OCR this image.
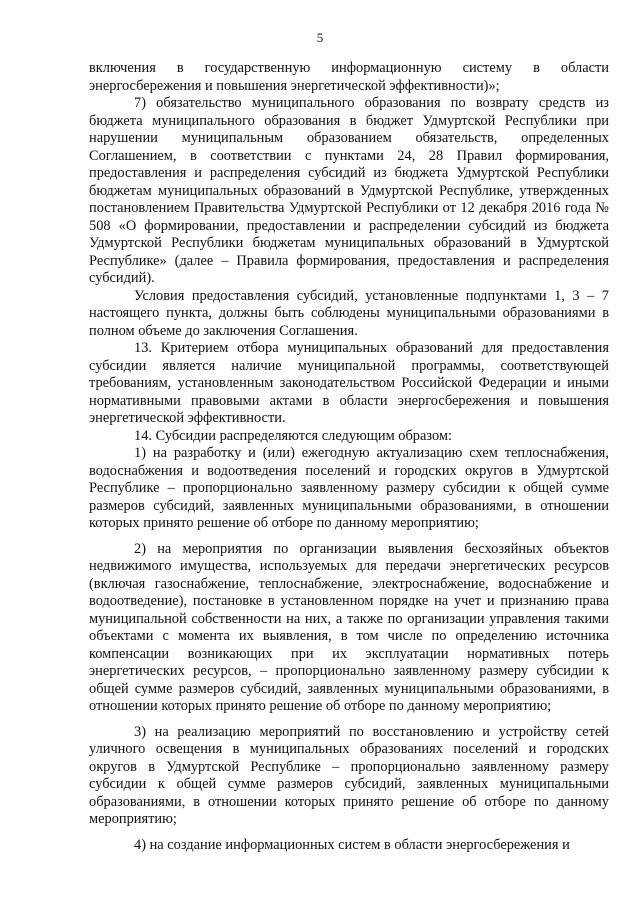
5

включения в государственную информационную систему в области энергосбережения и повышения энергетической эффективности)»;

7) обязательство муниципального образования по возврату средств из бюджета муниципального образования в бюджет Удмуртской Республики при нарушении муниципальным образованием обязательств, определенных Соглашением, в соответствии с пунктами 24, 28 Правил формирования, предоставления и распределения субсидий из бюджета Удмуртской Республики бюджетам муниципальных образований в Удмуртской Республике, утвержденных постановлением Правительства Удмуртской Республики от 12 декабря 2016 года № 508 «О формировании, предоставлении и распределении субсидий из бюджета Удмуртской Республики бюджетам муниципальных образований в Удмуртской Республике» (далее – Правила формирования, предоставления и распределения субсидий).

Условия предоставления субсидий, установленные подпунктами 1, 3 – 7 настоящего пункта, должны быть соблюдены муниципальными образованиями в полном объеме до заключения Соглашения.

13. Критерием отбора муниципальных образований для предоставления субсидии является наличие муниципальной программы, соответствующей требованиям, установленным законодательством Российской Федерации и иными нормативными правовыми актами в области энергосбережения и повышения энергетической эффективности.

14. Субсидии распределяются следующим образом:

1) на разработку и (или) ежегодную актуализацию схем теплоснабжения, водоснабжения и водоотведения поселений и городских округов в Удмуртской Республике – пропорционально заявленному размеру субсидии к общей сумме размеров субсидий, заявленных муниципальными образованиями, в отношении которых принято решение об отборе по данному мероприятию;

2) на мероприятия по организации выявления бесхозяйных объектов недвижимого имущества, используемых для передачи энергетических ресурсов (включая газоснабжение, теплоснабжение, электроснабжение, водоснабжение и водоотведение), постановке в установленном порядке на учет и признанию права муниципальной собственности на них, а также по организации управления такими объектами с момента их выявления, в том числе по определению источника компенсации возникающих при их эксплуатации нормативных потерь энергетических ресурсов, – пропорционально заявленному размеру субсидии к общей сумме размеров субсидий, заявленных муниципальными образованиями, в отношении которых принято решение об отборе по данному мероприятию;

3) на реализацию мероприятий по восстановлению и устройству сетей уличного освещения в муниципальных образованиях поселений и городских округов в Удмуртской Республике – пропорционально заявленному размеру субсидии к общей сумме размеров субсидий, заявленных муниципальными образованиями, в отношении которых принято решение об отборе по данному мероприятию;

4) на создание информационных систем в области энергосбережения и
